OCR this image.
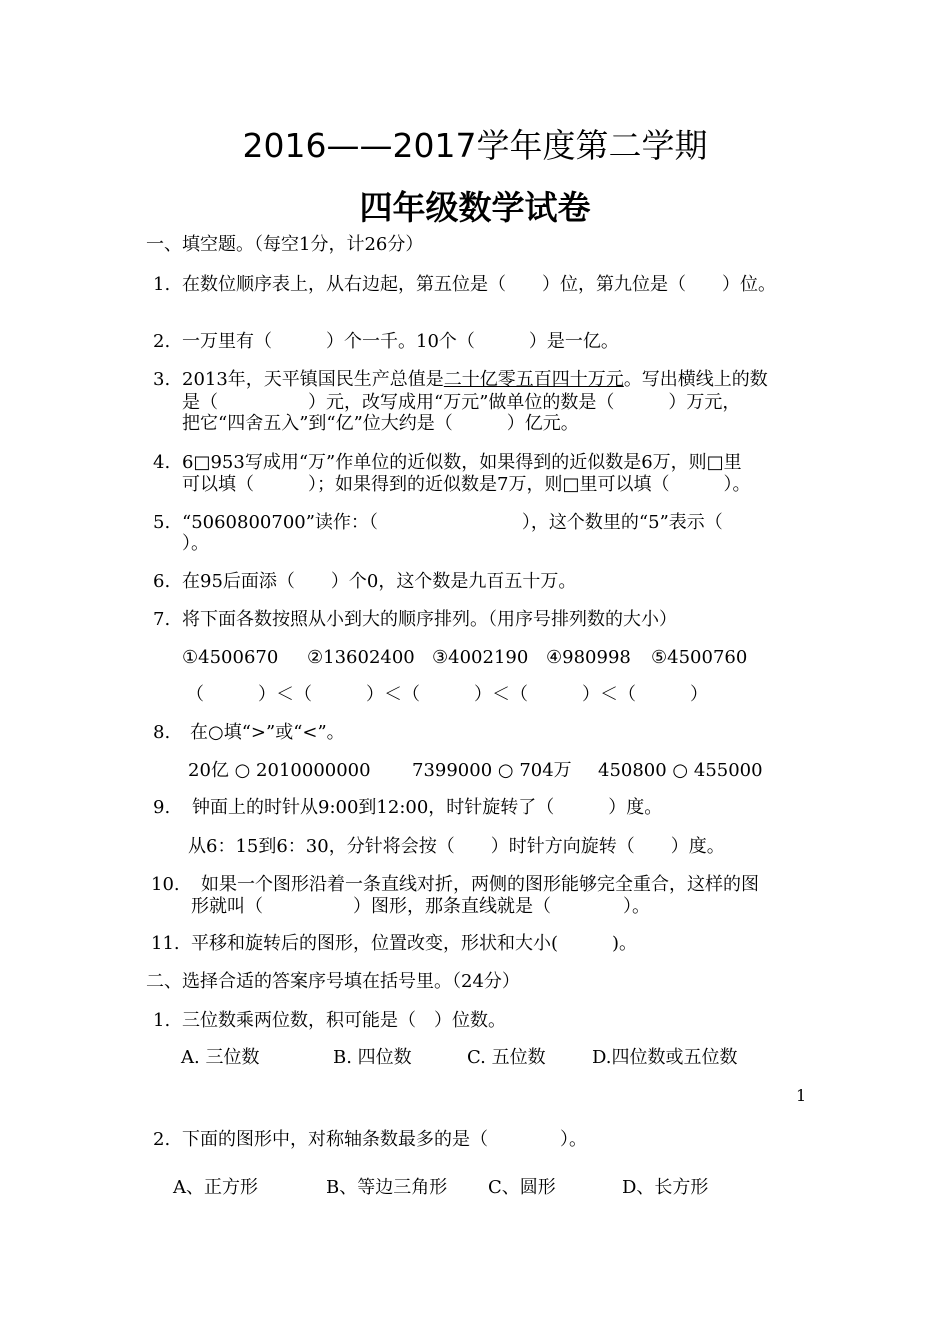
2016——2017学年度第二学期
四年级数学试卷
一、填空题。（每空1分，计26分）
1. 在数位顺序表上，从右边起，第五位是（　　）位，第九位是（　　）位。
2. 一万里有（　　　）个一千。10个（　　　）是一亿。
3. 2013年，天平镇国民生产总值是二十亿零五百四十万元。写出横线上的数
是（　　　　　）元，改写成用“万元”做单位的数是（　　　）万元，
把它“四舍五入”到“亿”位大约是（　　　）亿元。
4. 6□953写成用“万”作单位的近似数，如果得到的近似数是6万，则□里
可以填（　　　）；如果得到的近似数是7万，则□里可以填（　　　）。
5. “5060800700”读作：（　　　　　　　　），这个数里的“5”表示（
）。
6. 在95后面添（　　）个0，这个数是九百五十万。
7. 将下面各数按照从小到大的顺序排列。（用序号排列数的大小）
①4500670 ②13602400 ③4002190 ④980998 ⑤4500760
（　　　）＜（　　　）＜（　　　）＜（　　　）＜（　　　）
8. 在○填“>”或“<”。
20亿 ○ 2010000000 7399000 ○ 704万 450800 ○ 455000
9. 钟面上的时针从9:00到12:00，时针旋转了（　　　）度。
从6：15到6：30，分针将会按（　　）时针方向旋转（　　）度。
10. 如果一个图形沿着一条直线对折，两侧的图形能够完全重合，这样的图
形就叫（　　　　　）图形，那条直线就是（　　　　）。
11. 平移和旋转后的图形，位置改变，形状和大小(　　　)。
二、选择合适的答案序号填在括号里。（24分）
1. 三位数乘两位数，积可能是（　）位数。
A. 三位数	B. 四位数	C. 五位数	D.四位数或五位数
1
2. 下面的图形中，对称轴条数最多的是（　　　　）。
A、正方形	B、等边三角形 C、圆形	D、长方形
